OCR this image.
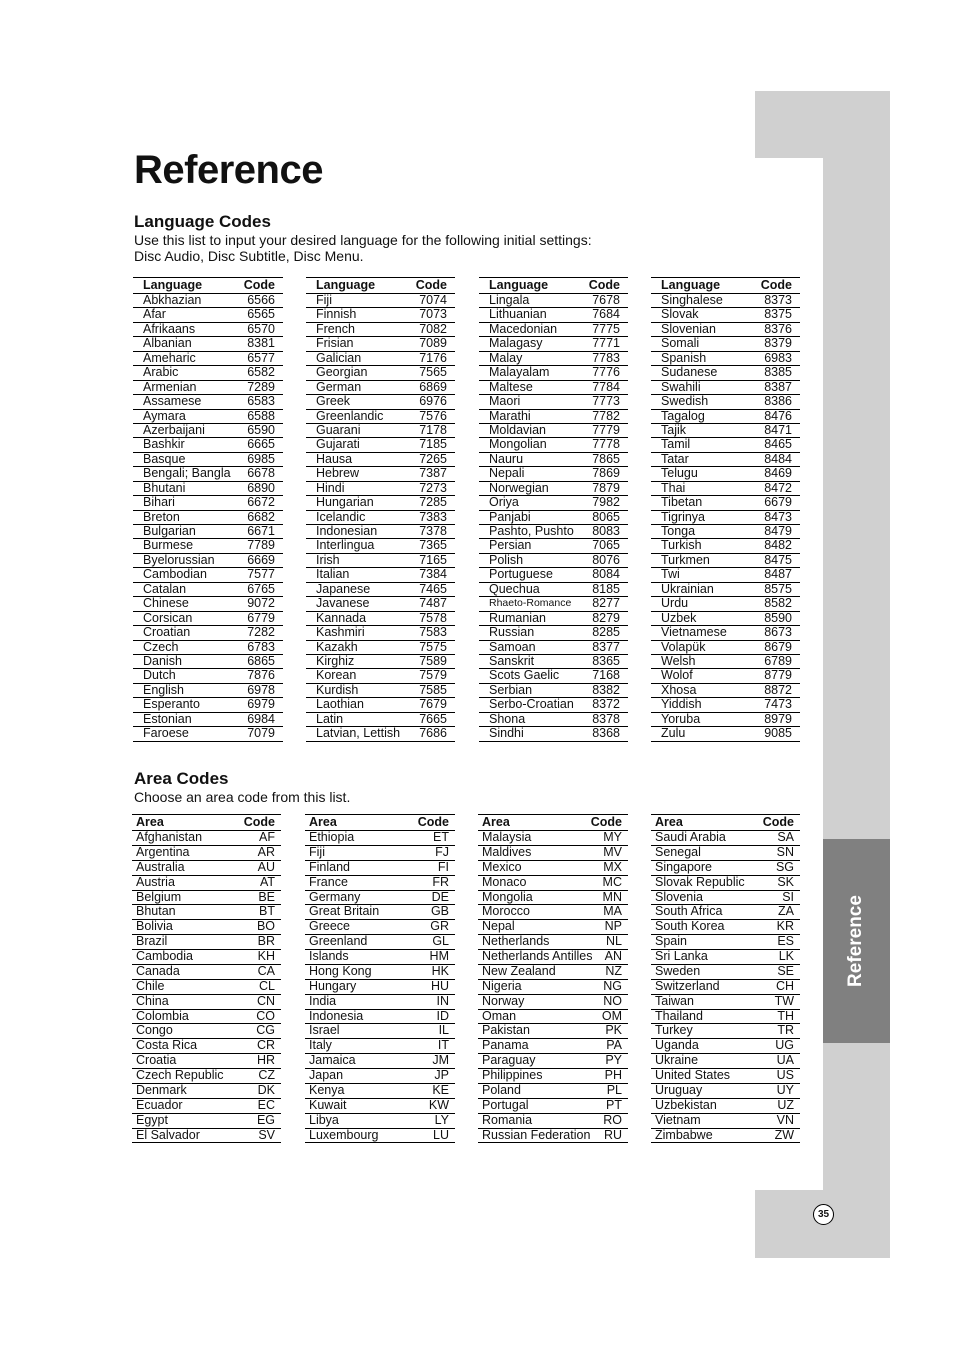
Reference
35
Reference
Language Codes

Use this list to input your desired language for the following initial settings:

Disc Audio, Disc Subtitle, Disc Menu.

Language	Code
Abkhazian	6566
Afar	6565
Afrikaans	6570
Albanian	8381
Ameharic	6577
Arabic	6582
Armenian	7289
Assamese	6583
Aymara	6588
Azerbaijani	6590
Bashkir	6665
Basque	6985
Bengali; Bangla 6678
Bhutani	6890
Bihari	6672
Breton	6682
Bulgarian	6671
Burmese	7789
Byelorussian	6669
Cambodian	7577
Catalan	6765
Chinese	9072
Corsican	6779
Croatian	7282
Czech	6783
Danish	6865
Dutch	7876
English	6978
Esperanto	6979
Estonian	6984
Faroese	7079
Language	Code
Fiji	7074
Finnish	7073
French	7082
Frisian	7089
Galician	7176
Georgian	7565
German	6869
Greek	6976
Greenlandic	7576
Guarani	7178
Gujarati	7185
Hausa	7265
Hebrew	7387
Hindi	7273
Hungarian	7285
Icelandic	7383
Indonesian	7378
Interlingua	7365
Irish	7165
Italian	7384
Japanese	7465
Javanese	7487
Kannada	7578
Kashmiri	7583
Kazakh	7575
Kirghiz	7589
Korean	7579
Kurdish	7585
Laothian	7679
Latin	7665
Latvian, Lettish 7686
Language	Code
Lingala	7678
Lithuanian	7684
Macedonian	7775
Malagasy	7771
Malay	7783
Malayalam	7776
Maltese	7784
Maori	7773
Marathi	7782
Moldavian	7779
Mongolian	7778
Nauru	7865
Nepali	7869
Norwegian	7879
Oriya	7982
Panjabi	8065
Pashto, Pushto 8083
Persian	7065
Polish	8076
Portuguese	8084
Quechua	8185
Rhaeto-Romance 8277
Rumanian	8279
Russian	8285
Samoan	8377
Sanskrit	8365
Scots Gaelic	7168
Serbian	8382
Serbo-Croatian 8372
Shona	8378
Sindhi	8368
Language	Code
Singhalese	8373
Slovak	8375
Slovenian	8376
Somali	8379
Spanish	6983
Sudanese	8385
Swahili	8387
Swedish	8386
Tagalog	8476
Tajik	8471
Tamil	8465
Tatar	8484
Telugu	8469
Thai	8472
Tibetan	6679
Tigrinya	8473
Tonga	8479
Turkish	8482
Turkmen	8475
Twi	8487
Ukrainian	8575
Urdu	8582
Uzbek	8590
Vietnamese	8673
Volapük	8679
Welsh	6789
Wolof	8779
Xhosa	8872
Yiddish	7473
Yoruba	8979
Zulu	9085
Area Codes

Choose an area code from this list.

Area	Code
Afghanistan	AF
Argentina	AR
Australia	AU
Austria	AT
Belgium	BE
Bhutan	BT
Bolivia	BO
Brazil	BR
Cambodia	KH
Canada	CA
Chile	CL
China	CN
Colombia	CO
Congo	CG
Costa Rica	CR
Croatia	HR
Czech Republic	CZ
Denmark	DK
Ecuador	EC
Egypt	EG
El Salvador	SV
Area	Code
Ethiopia	ET
Fiji	FJ
Finland	FI
France	FR
Germany	DE
Great Britain	GB
Greece	GR
Greenland	GL
Islands	HM
Hong Kong	HK
Hungary	HU
India	IN
Indonesia	ID
Israel	IL
Italy	IT
Jamaica	JM
Japan	JP
Kenya	KE
Kuwait	KW
Libya	LY
Luxembourg	LU
Area	Code
Malaysia	MY
Maldives	MV
Mexico	MX
Monaco	MC
Mongolia	MN
Morocco	MA
Nepal	NP
Netherlands	NL
Netherlands Antilles AN
New Zealand	NZ
Nigeria	NG
Norway	NO
Oman	OM
Pakistan	PK
Panama	PA
Paraguay	PY
Philippines	PH
Poland	PL
Portugal	PT
Romania	RO
Russian Federation RU
Area	Code
Saudi Arabia	SA
Senegal	SN
Singapore	SG
Slovak Republic	SK
Slovenia	SI
South Africa	ZA
South Korea	KR
Spain	ES
Sri Lanka	LK
Sweden	SE
Switzerland	CH
Taiwan	TW
Thailand	TH
Turkey	TR
Uganda	UG
Ukraine	UA
United States	US
Uruguay	UY
Uzbekistan	UZ
Vietnam	VN
Zimbabwe	ZW
